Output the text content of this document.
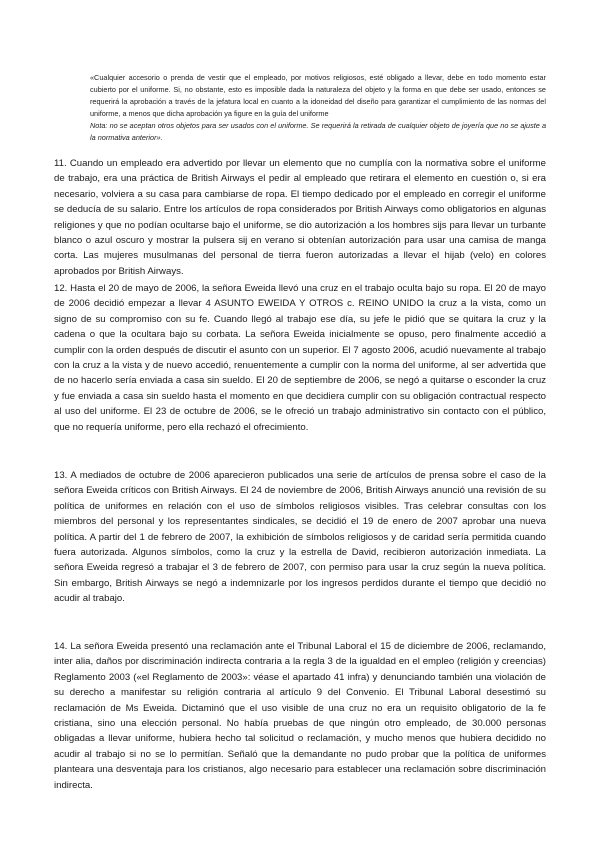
«Cualquier accesorio o prenda de vestir que el empleado, por motivos religiosos, esté obligado a llevar, debe en todo momento estar cubierto por el uniforme. Si, no obstante, esto es imposible dada la naturaleza del objeto y la forma en que debe ser usado, entonces se requerirá la aprobación a través de la jefatura local en cuanto a la idoneidad del diseño para garantizar el cumplimiento de las normas del uniforme, a menos que dicha aprobación ya figure en la guía del uniforme

Nota: no se aceptan otros objetos para ser usados con el uniforme. Se requerirá la retirada de cualquier objeto de joyería que no se ajuste a la normativa anterior».

11. Cuando un empleado era advertido por llevar un elemento que no cumplía con la normativa sobre el uniforme de trabajo, era una práctica de British Airways el pedir al empleado que retirara el elemento en cuestión o, si era necesario, volviera a su casa para cambiarse de ropa. El tiempo dedicado por el empleado en corregir el uniforme se deducía de su salario. Entre los artículos de ropa considerados por British Airways como obligatorios en algunas religiones y que no podían ocultarse bajo el uniforme, se dio autorización a los hombres sijs para llevar un turbante blanco o azul oscuro y mostrar la pulsera sij en verano si obtenían autorización para usar una camisa de manga corta. Las mujeres musulmanas del personal de tierra fueron autorizadas a llevar el hijab (velo) en colores aprobados por British Airways.

12. Hasta el 20 de mayo de 2006, la señora Eweida llevó una cruz en el trabajo oculta bajo su ropa. El 20 de mayo de 2006 decidió empezar a llevar 4 ASUNTO EWEIDA Y OTROS c. REINO UNIDO la cruz a la vista, como un signo de su compromiso con su fe. Cuando llegó al trabajo ese día, su jefe le pidió que se quitara la cruz y la cadena o que la ocultara bajo su corbata. La señora Eweida inicialmente se opuso, pero finalmente accedió a cumplir con la orden después de discutir el asunto con un superior. El 7 agosto 2006, acudió nuevamente al trabajo con la cruz a la vista y de nuevo accedió, renuentemente a cumplir con la norma del uniforme, al ser advertida que de no hacerlo sería enviada a casa sin sueldo. El 20 de septiembre de 2006, se negó a quitarse o esconder la cruz y fue enviada a casa sin sueldo hasta el momento en que decidiera cumplir con su obligación contractual respecto al uso del uniforme. El 23 de octubre de 2006, se le ofreció un trabajo administrativo sin contacto con el público, que no requería uniforme, pero ella rechazó el ofrecimiento.

13. A mediados de octubre de 2006 aparecieron publicados una serie de artículos de prensa sobre el caso de la señora Eweida críticos con British Airways. El 24 de noviembre de 2006, British Airways anunció una revisión de su política de uniformes en relación con el uso de símbolos religiosos visibles. Tras celebrar consultas con los miembros del personal y los representantes sindicales, se decidió el 19 de enero de 2007 aprobar una nueva política. A partir del 1 de febrero de 2007, la exhibición de símbolos religiosos y de caridad sería permitida cuando fuera autorizada. Algunos símbolos, como la cruz y la estrella de David, recibieron autorización inmediata. La señora Eweida regresó a trabajar el 3 de febrero de 2007, con permiso para usar la cruz según la nueva política. Sin embargo, British Airways se negó a indemnizarle por los ingresos perdidos durante el tiempo que decidió no acudir al trabajo.

14. La señora Eweida presentó una reclamación ante el Tribunal Laboral el 15 de diciembre de 2006, reclamando, inter alia, daños por discriminación indirecta contraria a la regla 3 de la igualdad en el empleo (religión y creencias) Reglamento 2003 («el Reglamento de 2003»: véase el apartado 41 infra) y denunciando también una violación de su derecho a manifestar su religión contraria al artículo 9 del Convenio. El Tribunal Laboral desestimó su reclamación de Ms Eweida. Dictaminó que el uso visible de una cruz no era un requisito obligatorio de la fe cristiana, sino una elección personal. No había pruebas de que ningún otro empleado, de 30.000 personas obligadas a llevar uniforme, hubiera hecho tal solicitud o reclamación, y mucho menos que hubiera decidido no acudir al trabajo si no se lo permitían. Señaló que la demandante no pudo probar que la política de uniformes planteara una desventaja para los cristianos, algo necesario para establecer una reclamación sobre discriminación indirecta.
